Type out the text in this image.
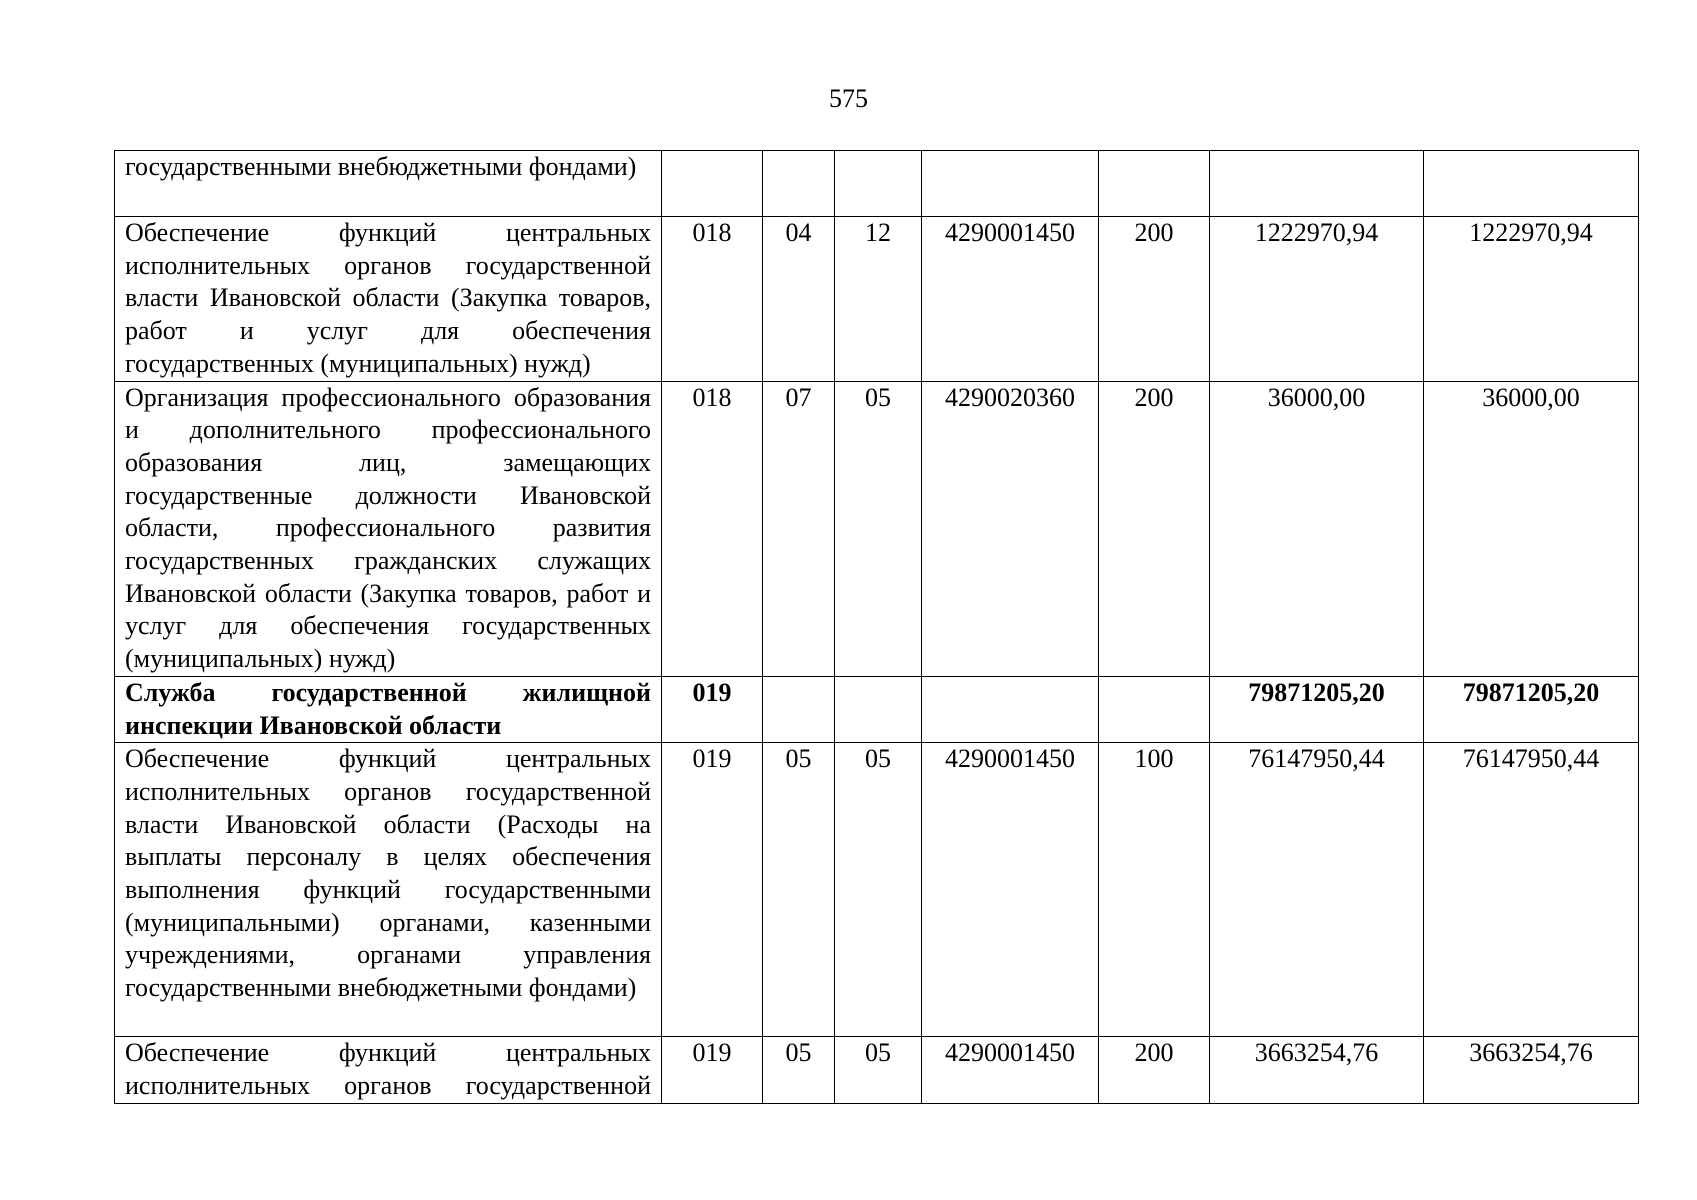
575
государственными внебюджетными фондами)							
Обеспечение функций центральных исполнительных органов государственной власти Ивановской области (Закупка товаров, работ и услуг для обеспечения государственных (муниципальных) нужд)	018	04	12	4290001450	200	1222970,94	1222970,94
Организация профессионального образования и дополнительного профессионального образования лиц, замещающих государственные должности Ивановской области, профессионального развития государственных гражданских служащих Ивановской области (Закупка товаров, работ и услуг для обеспечения государственных (муниципальных) нужд)	018	07	05	4290020360	200	36000,00	36000,00
Служба государственной жилищной инспекции Ивановской области	019					79871205,20	79871205,20
Обеспечение функций центральных исполнительных органов государственной власти Ивановской области (Расходы на выплаты персоналу в целях обеспечения выполнения функций государственными (муниципальными) органами, казенными учреждениями, органами управления государственными внебюджетными фондами)	019	05	05	4290001450	100	76147950,44	76147950,44
Обеспечение функций центральных исполнительных органов государственной	019	05	05	4290001450	200	3663254,76	3663254,76
